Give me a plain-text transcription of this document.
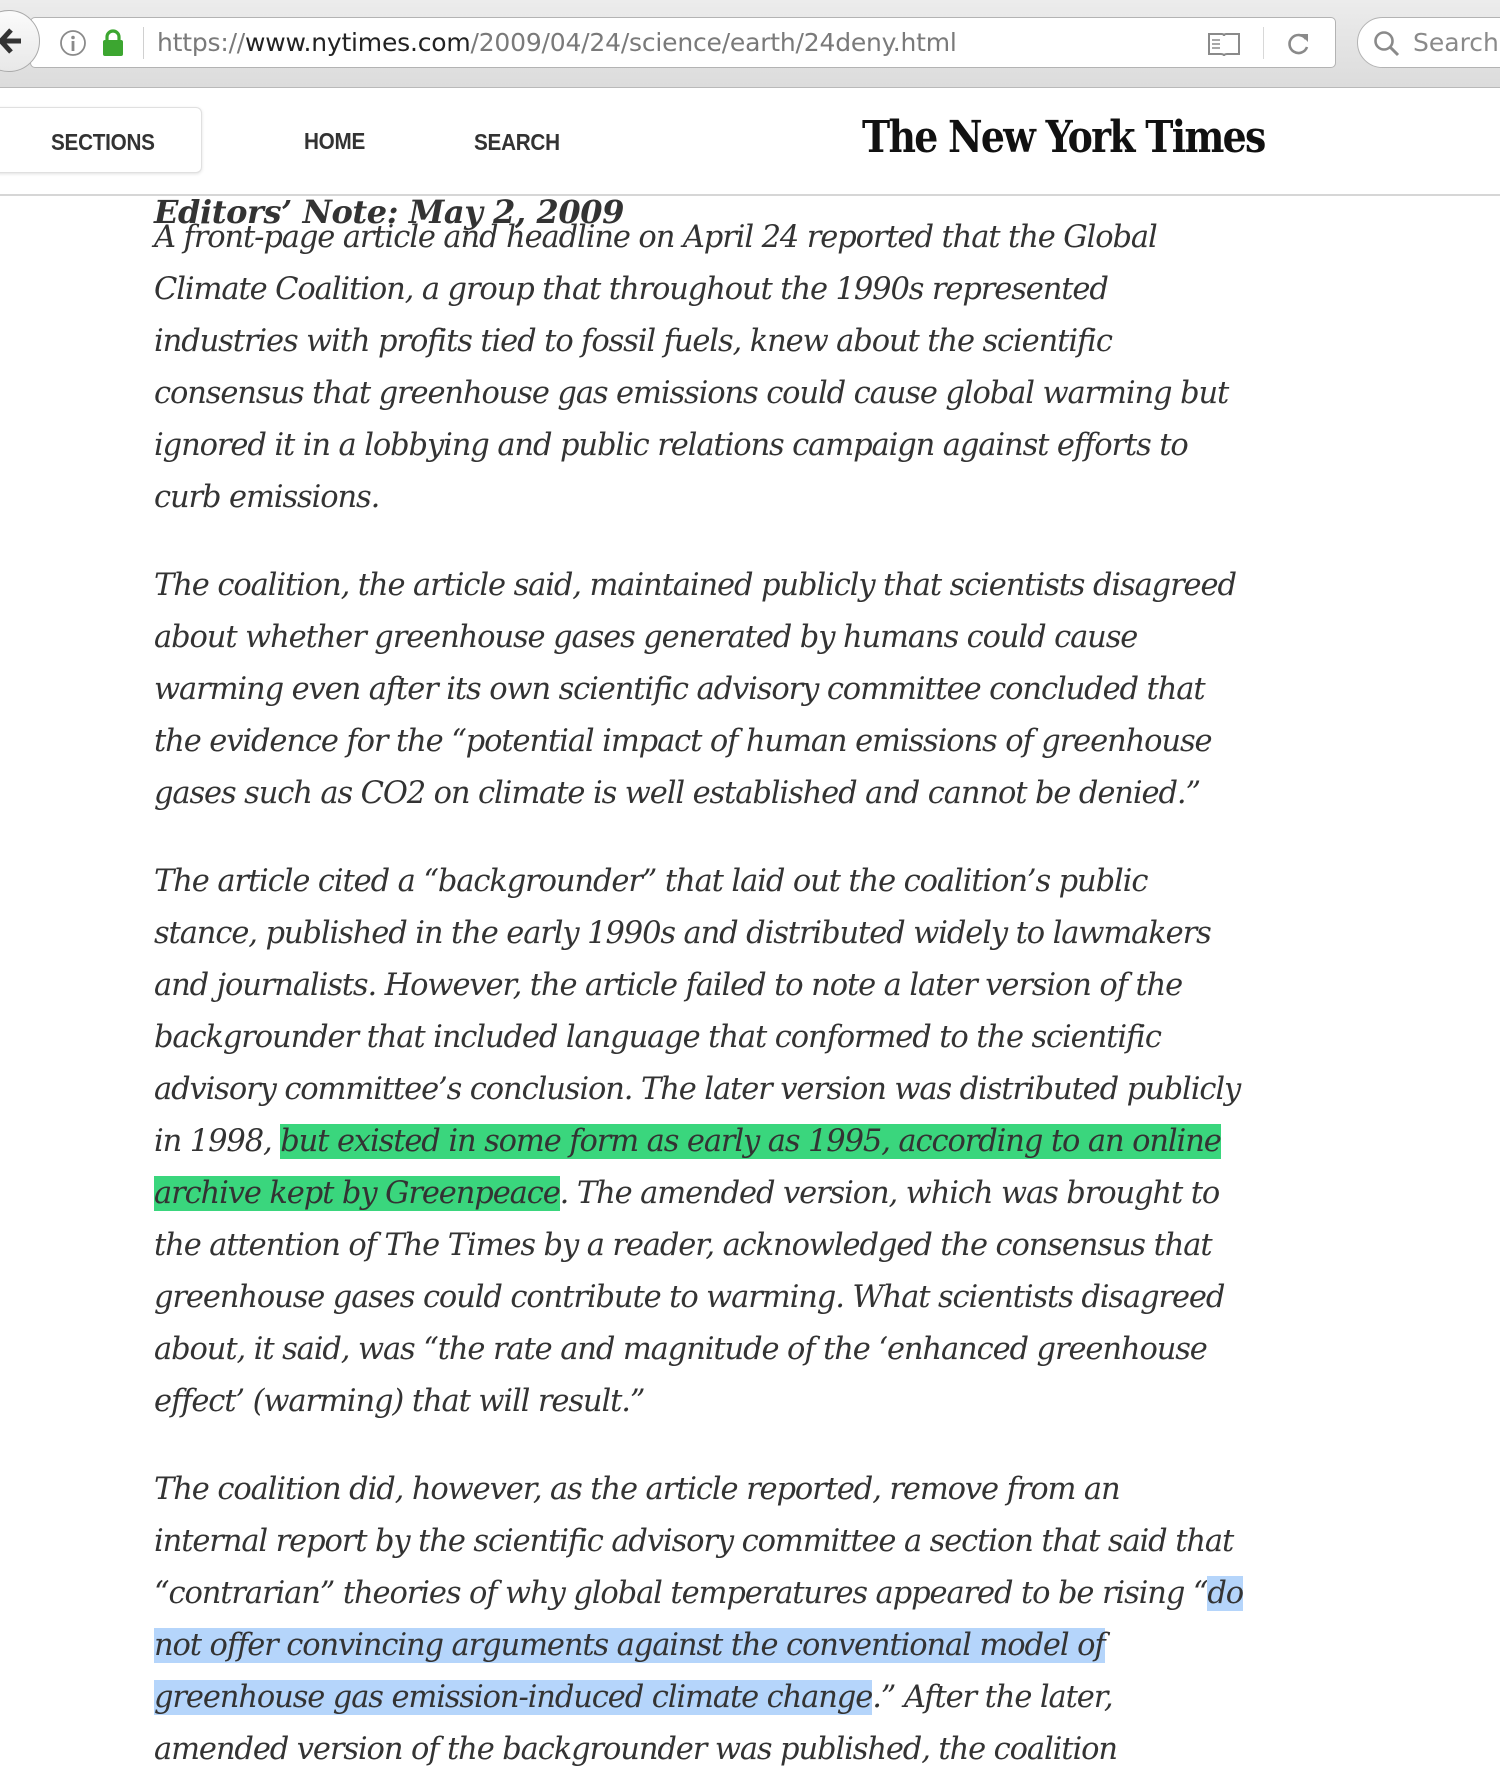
https://www.nytimes.com/2009/04/24/science/earth/24deny.html	Search
SECTIONS	HOME	SEARCH	The New York Times
Editors’ Note: May 2, 2009
A front-page article and headline on April 24 reported that the Global
Climate Coalition, a group that throughout the 1990s represented
industries with profits tied to fossil fuels, knew about the scientific
consensus that greenhouse gas emissions could cause global warming but
ignored it in a lobbying and public relations campaign against efforts to
curb emissions.
The coalition, the article said, maintained publicly that scientists disagreed
about whether greenhouse gases generated by humans could cause
warming even after its own scientific advisory committee concluded that
the evidence for the “potential impact of human emissions of greenhouse
gases such as CO2 on climate is well established and cannot be denied.”
The article cited a “backgrounder” that laid out the coalition’s public
stance, published in the early 1990s and distributed widely to lawmakers
and journalists. However, the article failed to note a later version of the
backgrounder that included language that conformed to the scientific
advisory committee’s conclusion. The later version was distributed publicly
in 1998, but existed in some form as early as 1995, according to an online
archive kept by Greenpeace. The amended version, which was brought to
the attention of The Times by a reader, acknowledged the consensus that
greenhouse gases could contribute to warming. What scientists disagreed
about, it said, was “the rate and magnitude of the ‘enhanced greenhouse
effect’ (warming) that will result.”
The coalition did, however, as the article reported, remove from an
internal report by the scientific advisory committee a section that said that
“contrarian” theories of why global temperatures appeared to be rising “do
not offer convincing arguments against the conventional model of
greenhouse gas emission-induced climate change.” After the later,
amended version of the backgrounder was published, the coalition
